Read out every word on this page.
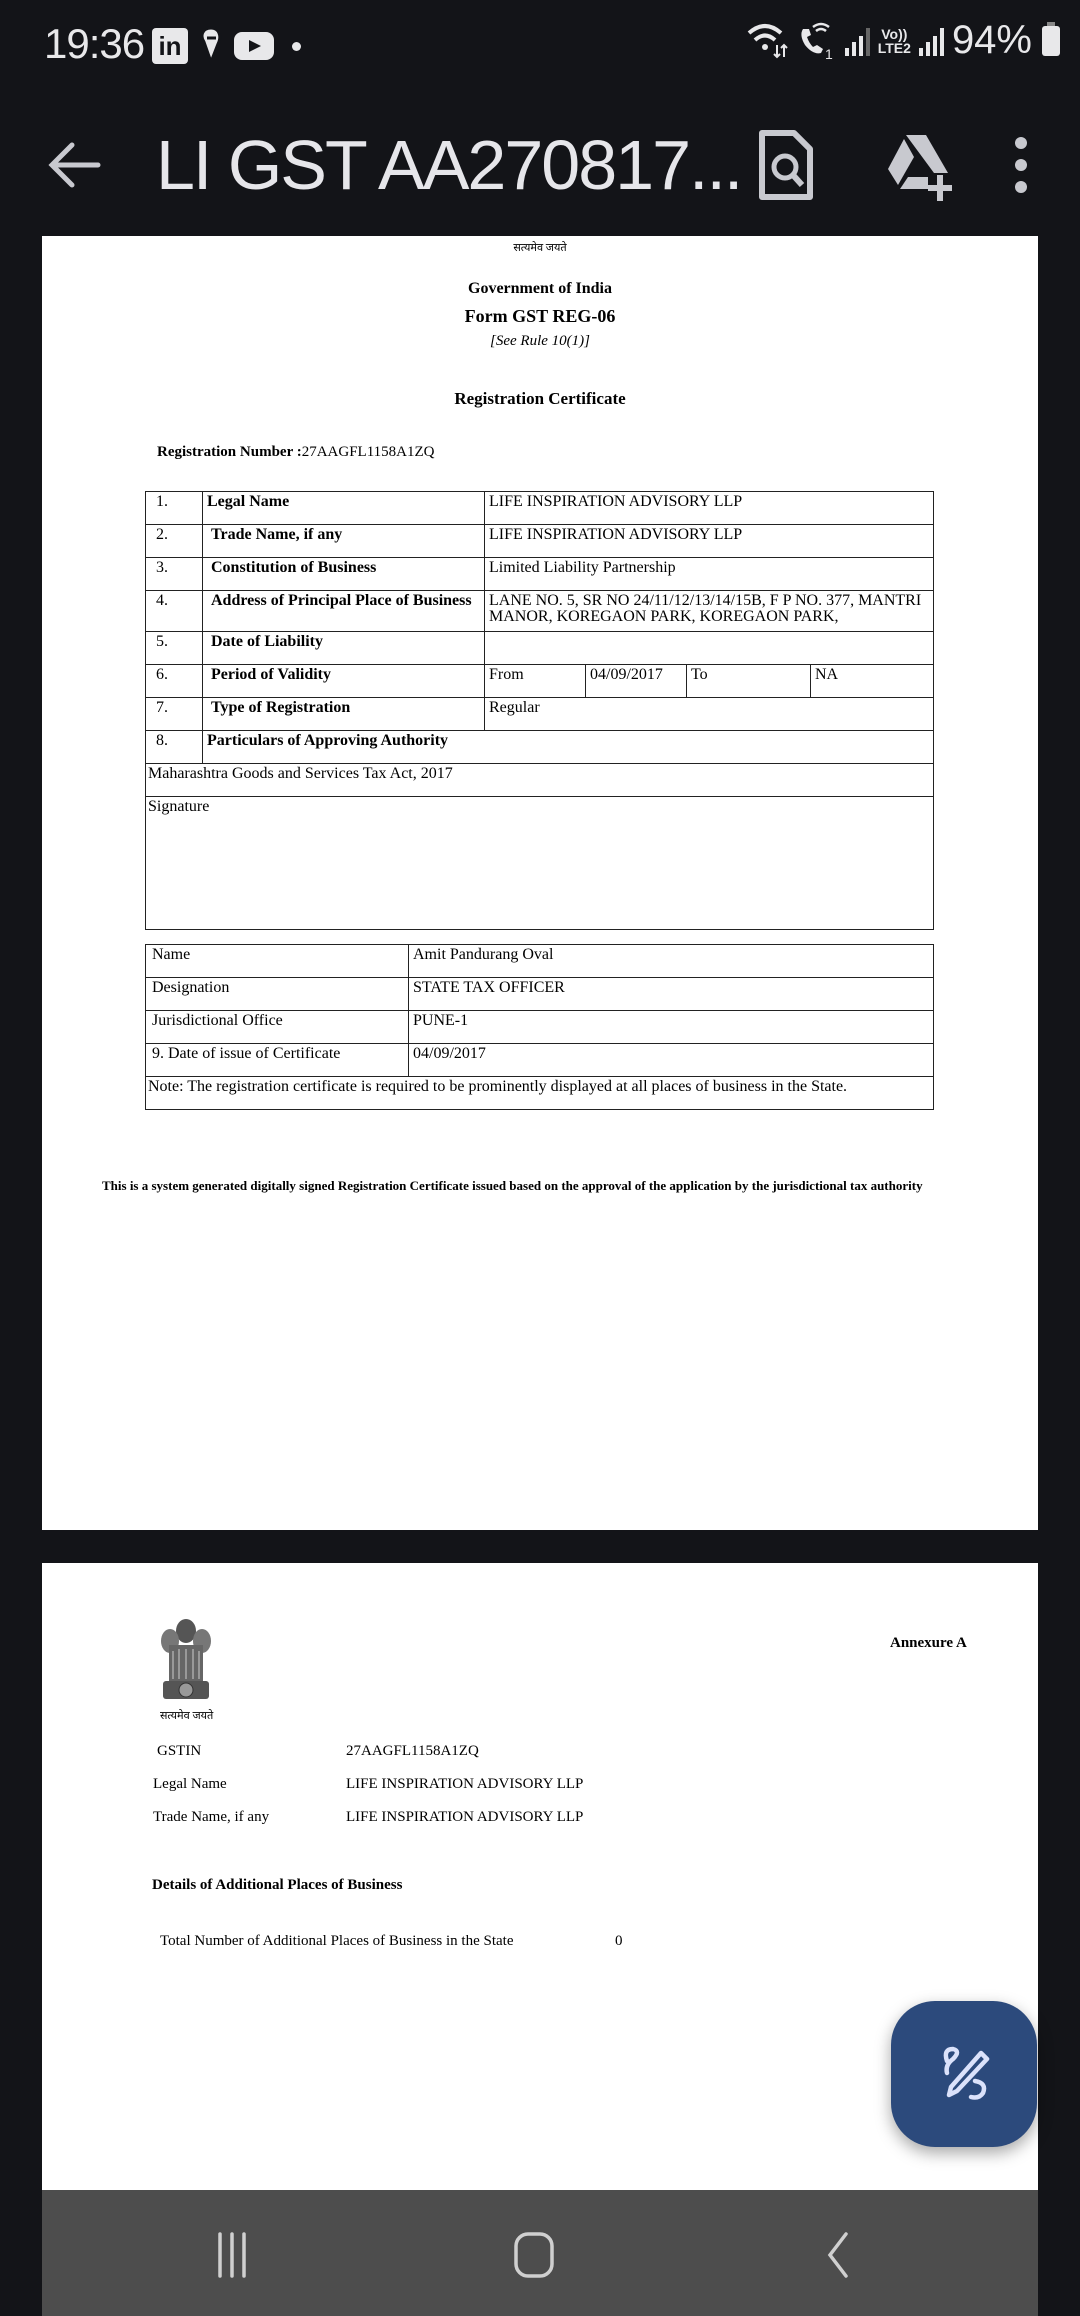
19:36 in	1
Vo))
LTE2 94%
LI GST AA270817...
सत्यमेव जयते
Government of India
Form GST REG-06
[See Rule 10(1)]
Registration Certificate
Registration Number :27AAGFL1158A1ZQ
1.	Legal Name	LIFE INSPIRATION ADVISORY LLP			
2.	Trade Name, if any	LIFE INSPIRATION ADVISORY LLP			
3.	Constitution of Business	Limited Liability Partnership			
4.	Address of Principal Place of Business	LANE NO. 5, SR NO 24/11/12/13/14/15B, F P NO. 377, MANTRI MANOR, KOREGAON PARK, KOREGAON PARK,			
5.	Date of Liability				
6.	Period of Validity	From	04/09/2017	To	NA
7.	Type of Registration	Regular			
8.	Particulars of Approving Authority				
Maharashtra Goods and Services Tax Act, 2017					
Signature					
Name	Amit Pandurang Oval
Designation	STATE TAX OFFICER
Jurisdictional Office	PUNE-1
9. Date of issue of Certificate	04/09/2017
Note: The registration certificate is required to be prominently displayed at all places of business in the State.	
This is a system generated digitally signed Registration Certificate issued based on the approval of the application by the jurisdictional tax authority
सत्यमेव जयते
Annexure A
GSTIN	27AAGFL1158A1ZQ
Legal Name	LIFE INSPIRATION ADVISORY LLP
Trade Name, if any	LIFE INSPIRATION ADVISORY LLP
Details of Additional Places of Business
Total Number of Additional Places of Business in the State	0
